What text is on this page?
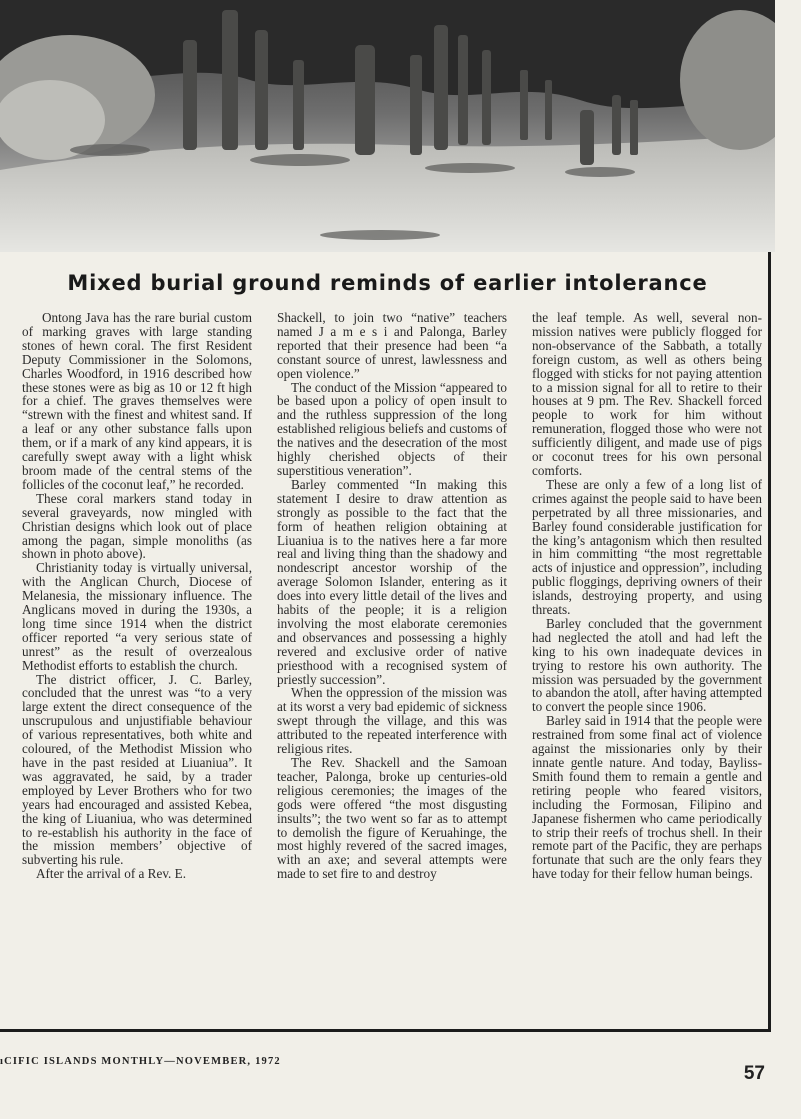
Mixed burial ground reminds of earlier intolerance

Ontong Java has the rare burial custom of marking graves with large standing stones of hewn coral. The first Resident Deputy Commissioner in the Solomons, Charles Woodford, in 1916 described how these stones were as big as 10 or 12 ft high for a chief. The graves themselves were “strewn with the finest and whitest sand. If a leaf or any other substance falls upon them, or if a mark of any kind appears, it is carefully swept away with a light whisk broom made of the central stems of the follicles of the coconut leaf,” he recorded.

These coral markers stand today in several graveyards, now mingled with Christian designs which look out of place among the pagan, simple monoliths (as shown in photo above).

Christianity today is virtually universal, with the Anglican Church, Diocese of Melanesia, the missionary influence. The Anglicans moved in during the 1930s, a long time since 1914 when the district officer reported “a very serious state of unrest” as the result of overzealous Methodist efforts to establish the church.

The district officer, J. C. Barley, concluded that the unrest was “to a very large extent the direct consequence of the unscrupulous and unjustifiable behaviour of various representatives, both white and coloured, of the Methodist Mission who have in the past resided at Liuaniua”. It was aggravated, he said, by a trader employed by Lever Brothers who for two years had encouraged and assisted Kebea, the king of Liuaniua, who was determined to re-establish his authority in the face of the mission members’ objective of subverting his rule.

After the arrival of a Rev. E.

Shackell, to join two “native” teachers named J a m e s i and Palonga, Barley reported that their presence had been “a constant source of unrest, lawlessness and open violence.”

The conduct of the Mission “appeared to be based upon a policy of open insult to and the ruthless suppression of the long established religious beliefs and customs of the natives and the desecration of the most highly cherished objects of their superstitious veneration”.

Barley commented “In making this statement I desire to draw attention as strongly as possible to the fact that the form of heathen religion obtaining at Liuaniua is to the natives here a far more real and living thing than the shadowy and nondescript ancestor worship of the average Solomon Islander, entering as it does into every little detail of the lives and habits of the people; it is a religion involving the most elaborate ceremonies and observances and possessing a highly revered and exclusive order of native priesthood with a recognised system of priestly succession”.

When the oppression of the mission was at its worst a very bad epidemic of sickness swept through the village, and this was attributed to the repeated interference with religious rites.

The Rev. Shackell and the Samoan teacher, Palonga, broke up centuries-old religious ceremonies; the images of the gods were offered “the most disgusting insults”; the two went so far as to attempt to demolish the figure of Keruahinge, the most highly revered of the sacred images, with an axe; and several attempts were made to set fire to and destroy

the leaf temple. As well, several non-mission natives were publicly flogged for non-observance of the Sabbath, a totally foreign custom, as well as others being flogged with sticks for not paying attention to a mission signal for all to retire to their houses at 9 pm. The Rev. Shackell forced people to work for him without remuneration, flogged those who were not sufficiently diligent, and made use of pigs or coconut trees for his own personal comforts.

These are only a few of a long list of crimes against the people said to have been perpetrated by all three missionaries, and Barley found considerable justification for the king’s antagonism which then resulted in him committing “the most regrettable acts of injustice and oppression”, including public floggings, depriving owners of their islands, destroying property, and using threats.

Barley concluded that the government had neglected the atoll and had left the king to his own inadequate devices in trying to restore his own authority. The mission was persuaded by the government to abandon the atoll, after having attempted to convert the people since 1906.

Barley said in 1914 that the people were restrained from some final act of violence against the missionaries only by their innate gentle nature. And today, Bayliss-Smith found them to remain a gentle and retiring people who feared visitors, including the Formosan, Filipino and Japanese fishermen who came periodically to strip their reefs of trochus shell. In their remote part of the Pacific, they are perhaps fortunate that such are the only fears they have today for their fellow human beings.

ıCIFIC ISLANDS MONTHLY—NOVEMBER, 1972
57
